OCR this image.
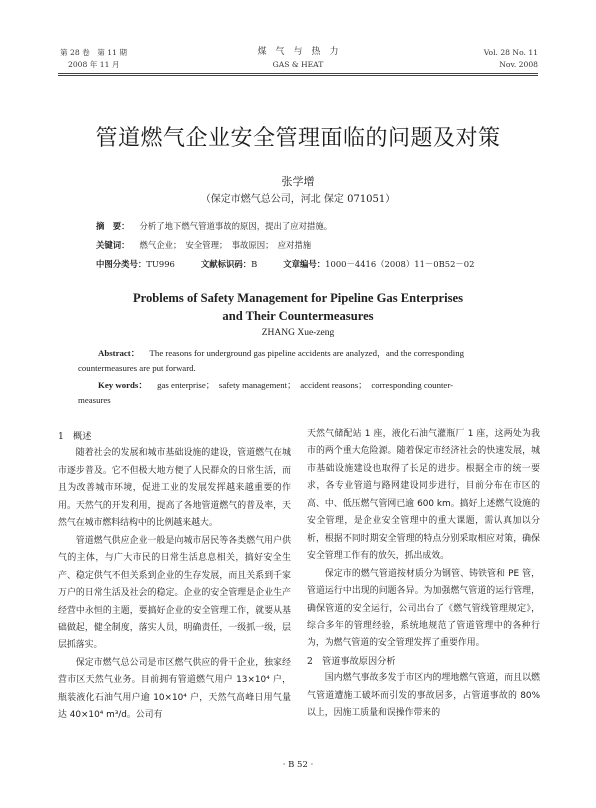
第 28 卷　第 11 期
2008 年 11 月
煤　气　与　热　力
GAS & HEAT
Vol. 28 No. 11
Nov. 2008
管道燃气企业安全管理面临的问题及对策
张学增
（保定市燃气总公司，河北 保定 071051）
摘　要： 分析了地下燃气管道事故的原因，提出了应对措施。
关键词： 燃气企业；　安全管理；　事故原因；　应对措施
中图分类号：TU996	文献标识码：B	文章编号：1000－4416（2008）11－0B52－02
Problems of Safety Management for Pipeline Gas Enterprises
and Their Countermeasures
ZHANG Xue-zeng
Abstract： The reasons for underground gas pipeline accidents are analyzed，and the corresponding
countermeasures are put forward.
Key words： gas enterprise；　safety management；　accident reasons；　corresponding counter-
measures
1　概述

随着社会的发展和城市基础设施的建设，管道燃气在城市逐步普及。它不但极大地方便了人民群众的日常生活，而且为改善城市环境，促进工业的发展发挥越来越重要的作用。天然气的开发利用，提高了各地管道燃气的普及率，天然气在城市燃料结构中的比例越来越大。

管道燃气供应企业一般是向城市居民等各类燃气用户供气的主体，与广大市民的日常生活息息相关，搞好安全生产、稳定供气不但关系到企业的生存发展，而且关系到千家万户的日常生活及社会的稳定。企业的安全管理是企业生产经营中永恒的主题，要搞好企业的安全管理工作，就要从基础做起，健全制度，落实人员，明确责任，一级抓一级，层层抓落实。

保定市燃气总公司是市区燃气供应的骨干企业，独家经营市区天然气业务。目前拥有管道燃气用户 13×10⁴ 户，瓶装液化石油气用户逾 10×10⁴ 户，天然气高峰日用气量达 40×10⁴ m³/d。公司有

天然气储配站 1 座，液化石油气灌瓶厂 1 座，这两处为我市的两个重大危险源。随着保定市经济社会的快速发展，城市基础设施建设也取得了长足的进步。根据全市的统一要求，各专业管道与路网建设同步进行，目前分布在市区的高、中、低压燃气管网已逾 600 km。搞好上述燃气设施的安全管理，是企业安全管理中的重大课题，需认真加以分析，根据不同时期安全管理的特点分别采取相应对策，确保安全管理工作有的放矢，抓出成效。

保定市的燃气管道按材质分为钢管、铸铁管和 PE 管，管道运行中出现的问题各异。为加强燃气管道的运行管理，确保管道的安全运行，公司出台了《燃气管线管理规定》，综合多年的管理经验，系统地规范了管道管理中的各种行为，为燃气管道的安全管理发挥了重要作用。

2　管道事故原因分析

国内燃气事故多发于市区内的埋地燃气管道，而且以燃气管道遭施工破坏而引发的事故居多，占管道事故的 80% 以上，因施工质量和误操作带来的

· B 52 ·
